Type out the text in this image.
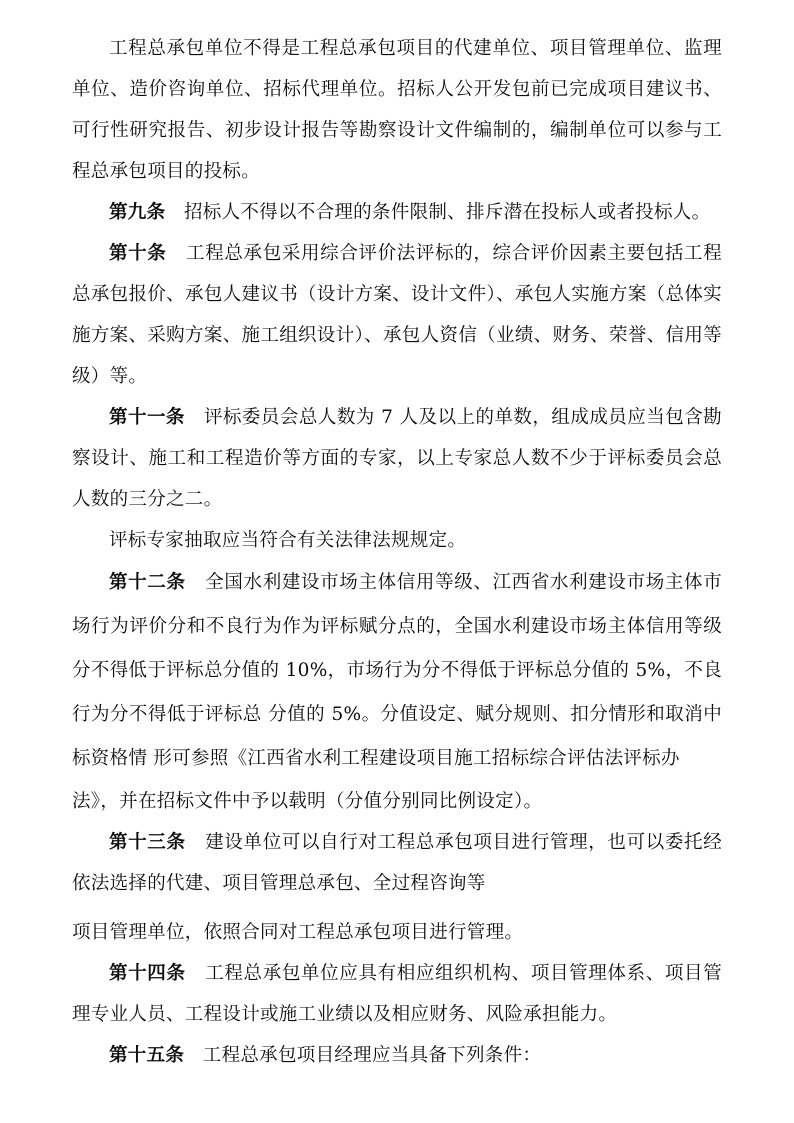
工程总承包单位不得是工程总承包项目的代建单位、项目管理单位、监理单位、造价咨询单位、招标代理单位。招标人公开发包前已完成项目建议书、可行性研究报告、初步设计报告等勘察设计文件编制的，编制单位可以参与工程总承包项目的投标。

第九条 招标人不得以不合理的条件限制、排斥潜在投标人或者投标人。

第十条 工程总承包采用综合评价法评标的，综合评价因素主要包括工程总承包报价、承包人建议书（设计方案、设计文件）、承包人实施方案（总体实施方案、采购方案、施工组织设计）、承包人资信（业绩、财务、荣誉、信用等级）等。

第十一条 评标委员会总人数为 7 人及以上的单数，组成成员应当包含勘察设计、施工和工程造价等方面的专家，以上专家总人数不少于评标委员会总人数的三分之二。

评标专家抽取应当符合有关法律法规规定。

第十二条 全国水利建设市场主体信用等级、江西省水利建设市场主体市场行为评价分和不良行为作为评标赋分点的，全国水利建设市场主体信用等级分不得低于评标总分值的 10%，市场行为分不得低于评标总分值的 5%，不良行为分不得低于评标总 分值的 5%。分值设定、赋分规则、扣分情形和取消中标资格情 形可参照《江西省水利工程建设项目施工招标综合评估法评标办

法》，并在招标文件中予以载明（分值分别同比例设定）。

第十三条 建设单位可以自行对工程总承包项目进行管理，也可以委托经依法选择的代建、项目管理总承包、全过程咨询等

项目管理单位，依照合同对工程总承包项目进行管理。

第十四条 工程总承包单位应具有相应组织机构、项目管理体系、项目管理专业人员、工程设计或施工业绩以及相应财务、风险承担能力。

第十五条 工程总承包项目经理应当具备下列条件：
